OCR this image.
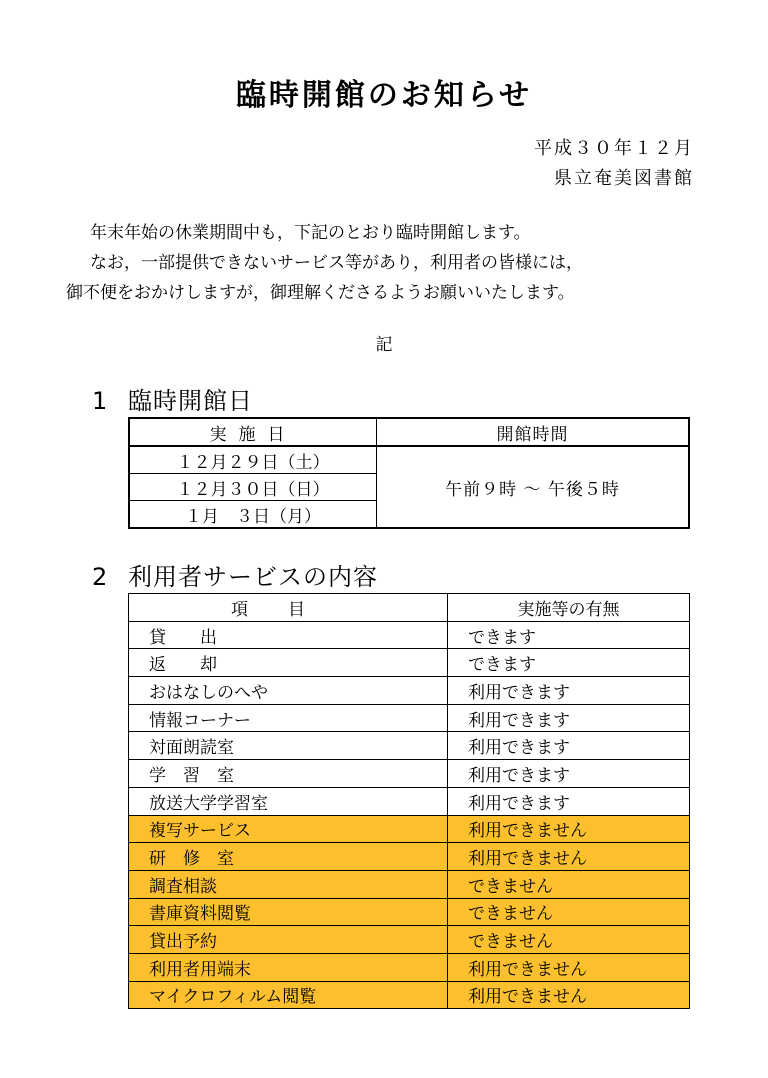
臨時開館のお知らせ
平成３０年１２月
県立奄美図書館

年末年始の休業期間中も，下記のとおり臨時開館します。

なお，一部提供できないサービス等があり，利用者の皆様には，

御不便をおかけしますが，御理解くださるようお願いいたします。

記
1 臨時開館日
実施日	開館時間
１２月２９日（土）	午前９時 ～ 午後５時
１２月３０日（日）	
１月　３日（月）	
2 利用者サービスの内容
項目	実施等の有無
貸　　出	できます
返　　却	できます
おはなしのへや	利用できます
情報コーナー	利用できます
対面朗読室	利用できます
学　習　室	利用できます
放送大学学習室	利用できます
複写サービス	利用できません
研　修　室	利用できません
調査相談	できません
書庫資料閲覧	できません
貸出予約	できません
利用者用端末	利用できません
マイクロフィルム閲覧	利用できません
